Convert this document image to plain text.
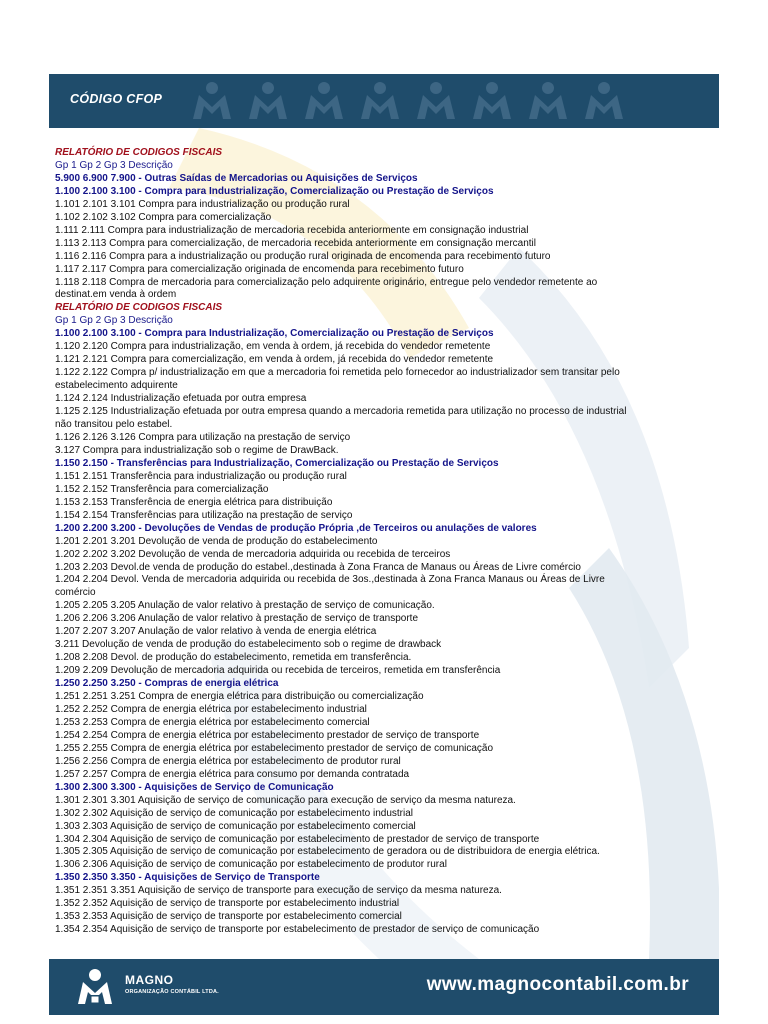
CÓDIGO CFOP
RELATÓRIO DE CODIGOS FISCAIS
Gp 1 Gp 2 Gp 3 Descrição
5.900 6.900 7.900 - Outras Saídas de Mercadorias ou Aquisições de Serviços
1.100 2.100 3.100 - Compra para Industrialização, Comercialização ou Prestação de Serviços
1.101 2.101 3.101 Compra para industrialização ou produção rural
1.102 2.102 3.102 Compra para comercialização
1.111 2.111 Compra para industrialização de mercadoria recebida anteriormente em consignação industrial
1.113 2.113 Compra para comercialização, de mercadoria recebida anteriormente em consignação mercantil
1.116 2.116 Compra para a industrialização ou produção rural originada de encomenda para recebimento futuro
1.117 2.117 Compra para comercialização originada de encomenda para recebimento futuro
1.118 2.118 Compra de mercadoria para comercialização pelo adquirente originário, entregue pelo vendedor remetente ao
destinat.em venda à ordem
RELATÓRIO DE CODIGOS FISCAIS
Gp 1 Gp 2 Gp 3 Descrição
1.100 2.100 3.100 - Compra para Industrialização, Comercialização ou Prestação de Serviços
1.120 2.120 Compra para industrialização, em venda à ordem, já recebida do vendedor remetente
1.121 2.121 Compra para comercialização, em venda à ordem, já recebida do vendedor remetente
1.122 2.122 Compra p/ industrialização em que a mercadoria foi remetida pelo fornecedor ao industrializador sem transitar pelo
estabelecimento adquirente
1.124 2.124 Industrialização efetuada por outra empresa
1.125 2.125 Industrialização efetuada por outra empresa quando a mercadoria remetida para utilização no processo de industrial
não transitou pelo estabel.
1.126 2.126 3.126 Compra para utilização na prestação de serviço
3.127 Compra para industrialização sob o regime de DrawBack.
1.150 2.150 - Transferências para Industrialização, Comercialização ou Prestação de Serviços
1.151 2.151 Transferência para industrialização ou produção rural
1.152 2.152 Transferência para comercialização
1.153 2.153 Transferência de energia elétrica para distribuição
1.154 2.154 Transferências para utilização na prestação de serviço
1.200 2.200 3.200 - Devoluções de Vendas de produção Própria ,de Terceiros ou anulações de valores
1.201 2.201 3.201 Devolução de venda de produção do estabelecimento
1.202 2.202 3.202 Devolução de venda de mercadoria adquirida ou recebida de terceiros
1.203 2.203 Devol.de venda de produção do estabel.,destinada à Zona Franca de Manaus ou Áreas de Livre comércio
1.204 2.204 Devol. Venda de mercadoria adquirida ou recebida de 3os.,destinada à Zona Franca Manaus ou Áreas de Livre
comércio
1.205 2.205 3.205 Anulação de valor relativo à prestação de serviço de comunicação.
1.206 2.206 3.206 Anulação de valor relativo à prestação de serviço de transporte
1.207 2.207 3.207 Anulação de valor relativo à venda de energia elétrica
3.211 Devolução de venda de produção do estabelecimento sob o regime de drawback
1.208 2.208 Devol. de produção do estabelecimento, remetida em transferência.
1.209 2.209 Devolução de mercadoria adquirida ou recebida de terceiros, remetida em transferência
1.250 2.250 3.250 - Compras de energia elétrica
1.251 2.251 3.251 Compra de energia elétrica para distribuição ou comercialização
1.252 2.252 Compra de energia elétrica por estabelecimento industrial
1.253 2.253 Compra de energia elétrica por estabelecimento comercial
1.254 2.254 Compra de energia elétrica por estabelecimento prestador de serviço de transporte
1.255 2.255 Compra de energia elétrica por estabelecimento prestador de serviço de comunicação
1.256 2.256 Compra de energia elétrica por estabelecimento de produtor rural
1.257 2.257 Compra de energia elétrica para consumo por demanda contratada
1.300 2.300 3.300 - Aquisições de Serviço de Comunicação
1.301 2.301 3.301 Aquisição de serviço de comunicação para execução de serviço da mesma natureza.
1.302 2.302 Aquisição de serviço de comunicação por estabelecimento industrial
1.303 2.303 Aquisição de serviço de comunicação por estabelecimento comercial
1.304 2.304 Aquisição de serviço de comunicação por estabelecimento de prestador de serviço de transporte
1.305 2.305 Aquisição de serviço de comunicação por estabelecimento de geradora ou de distribuidora de energia elétrica.
1.306 2.306 Aquisição de serviço de comunicação por estabelecimento de produtor rural
1.350 2.350 3.350 - Aquisições de Serviço de Transporte
1.351 2.351 3.351 Aquisição de serviço de transporte para execução de serviço da mesma natureza.
1.352 2.352 Aquisição de serviço de transporte por estabelecimento industrial
1.353 2.353 Aquisição de serviço de transporte por estabelecimento comercial
1.354 2.354 Aquisição de serviço de transporte por estabelecimento de prestador de serviço de comunicação
MAGNO
ORGANIZAÇÃO CONTÁBIL LTDA.	www.magnocontabil.com.br
